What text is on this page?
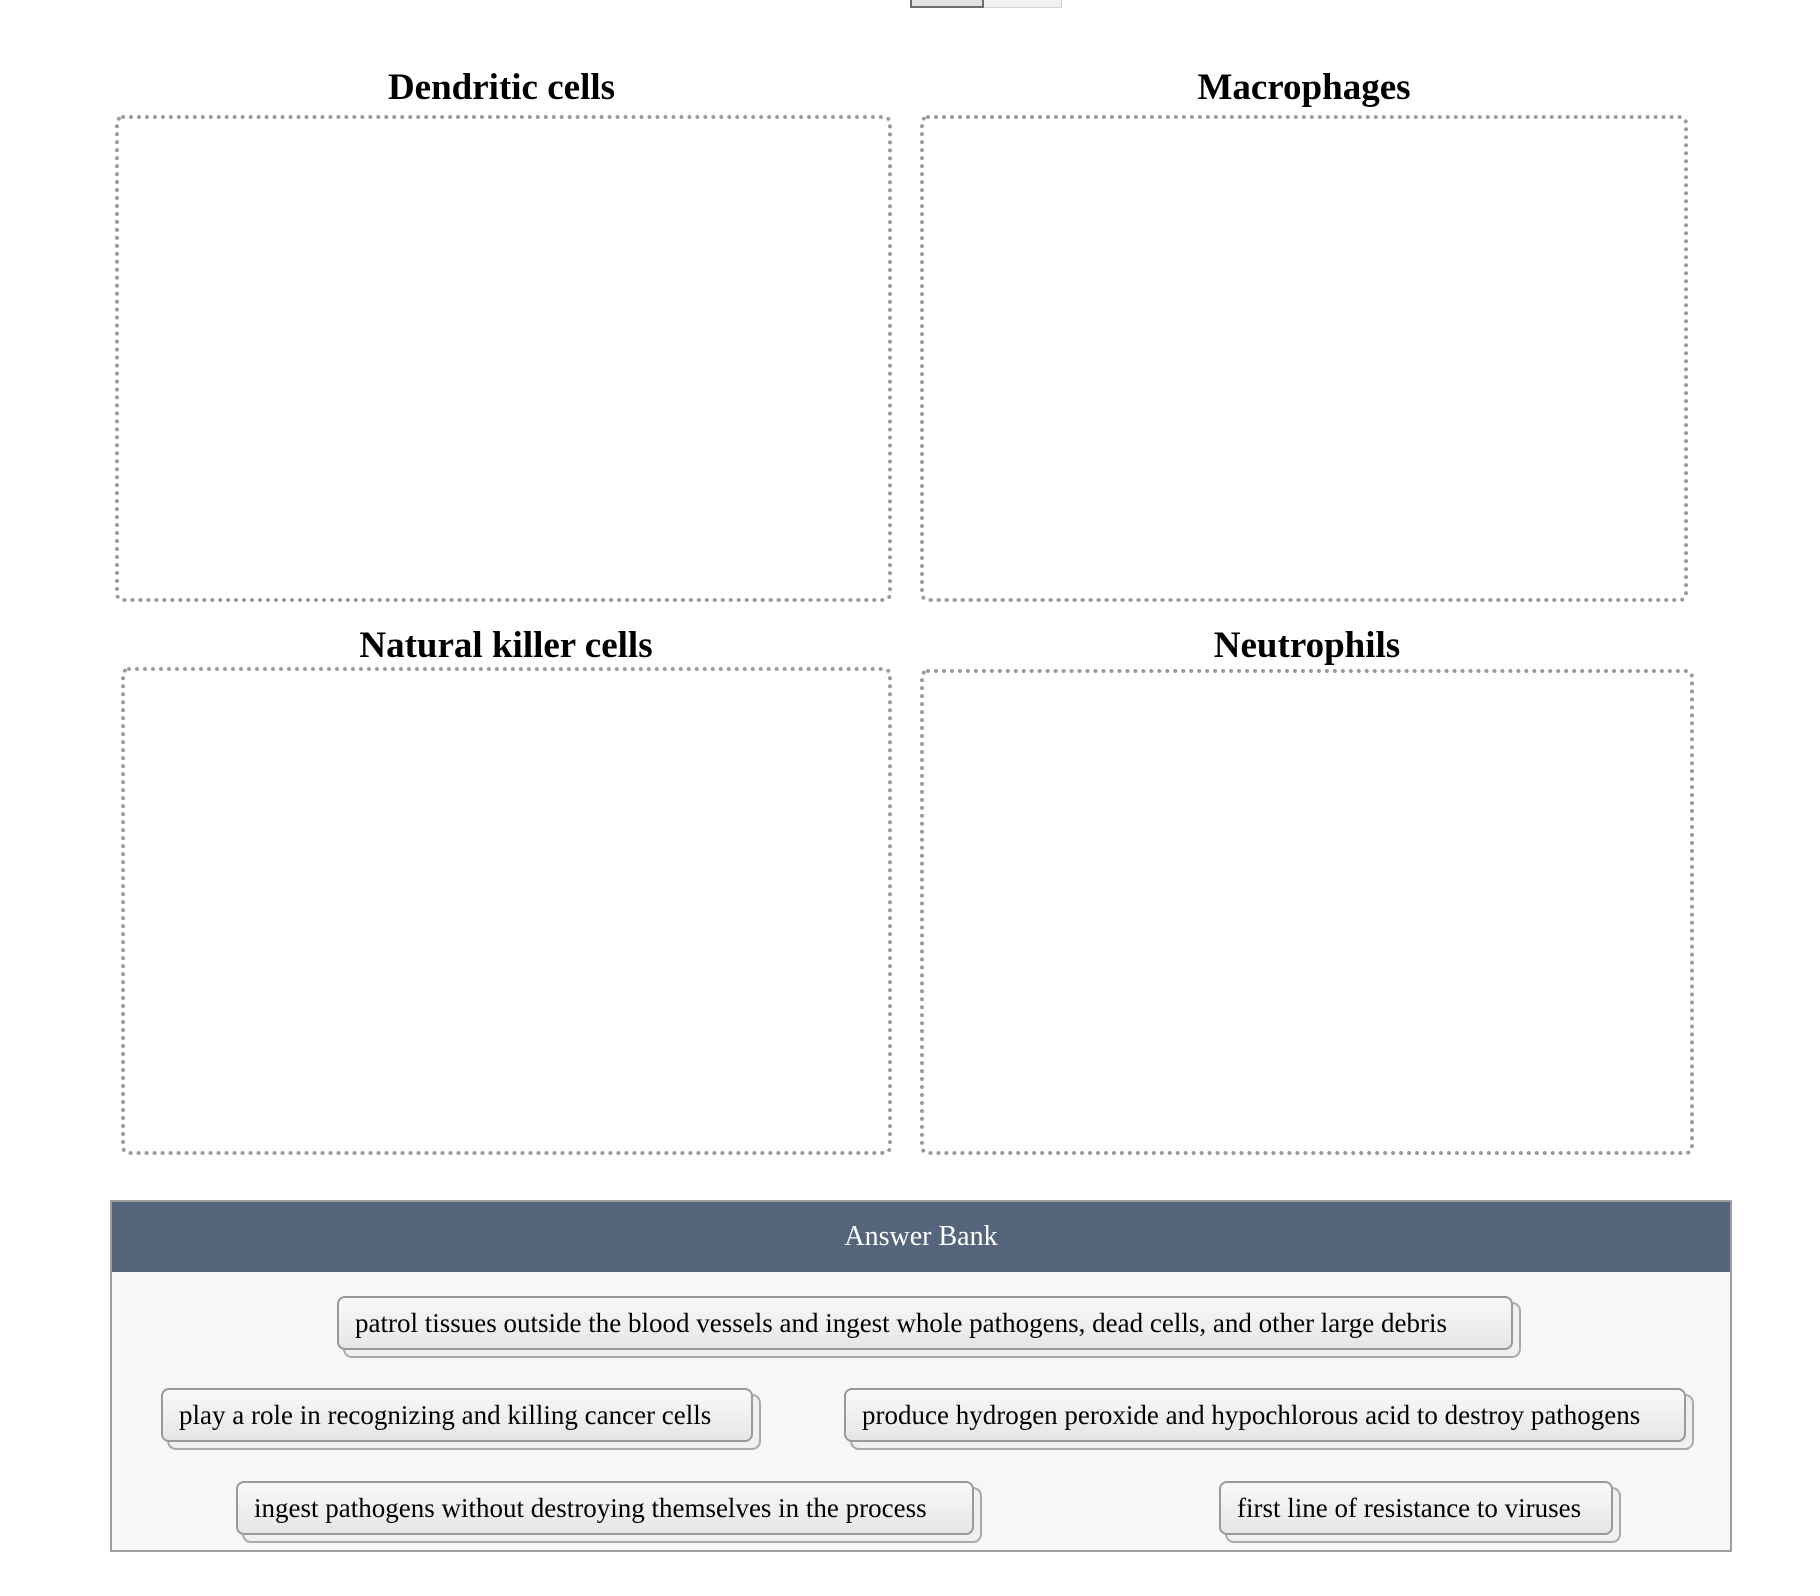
Dendritic cells	Macrophages
Natural killer cells	Neutrophils
Answer Bank
patrol tissues outside the blood vessels and ingest whole pathogens, dead cells, and other large debris
play a role in recognizing and killing cancer cells	produce hydrogen peroxide and hypochlorous acid to destroy pathogens
ingest pathogens without destroying themselves in the process	first line of resistance to viruses
